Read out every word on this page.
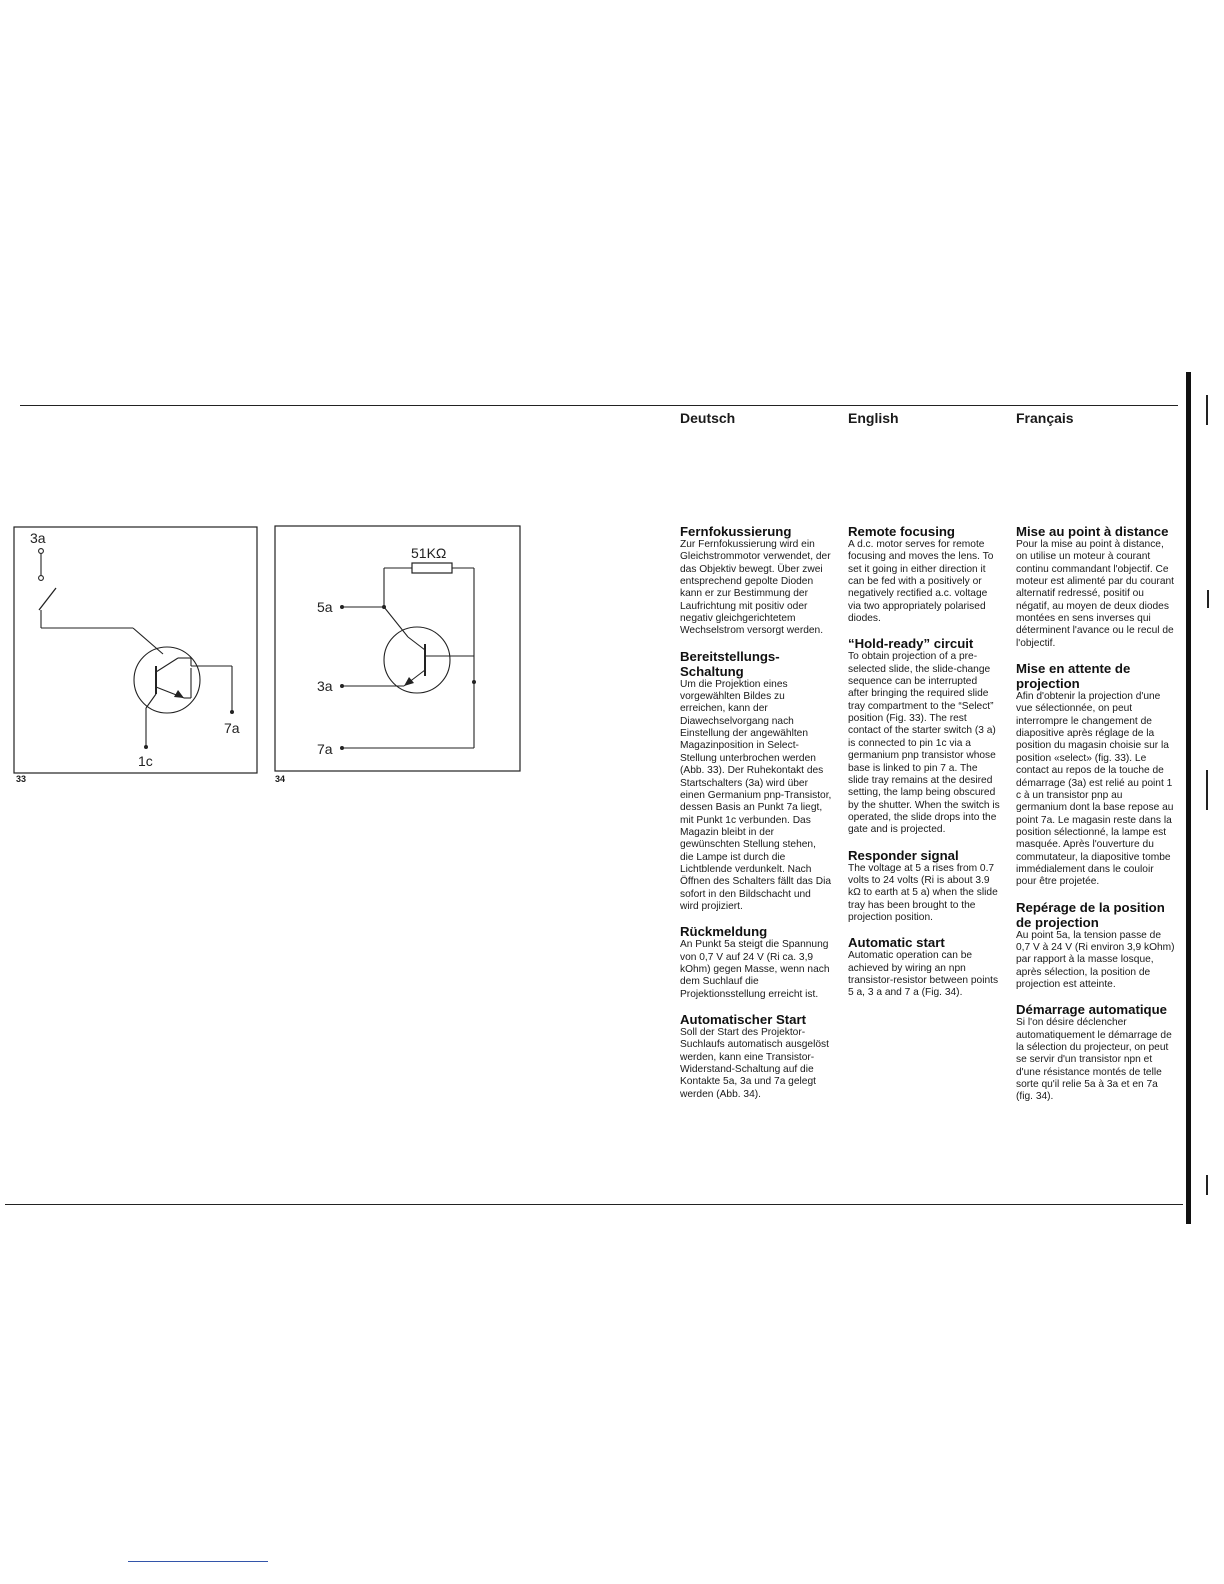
Deutsch	English	Français
3a
7a
1c
33
51KΩ
5a
3a
7a
34
Fernfokussierung

Zur Fernfokussierung wird ein Gleichstrommotor verwendet, der das Objektiv bewegt. Über zwei entsprechend gepolte Dioden kann er zur Bestimmung der Laufrichtung mit positiv oder negativ gleichgerichtetem Wechselstrom versorgt werden.

Bereitstellungs-Schaltung

Um die Projektion eines vorgewählten Bildes zu erreichen, kann der Diawechselvorgang nach Einstellung der angewählten Magazinposition in Select-Stellung unterbrochen werden (Abb. 33). Der Ruhekontakt des Startschalters (3a) wird über einen Germanium pnp-Transistor, dessen Basis an Punkt 7a liegt, mit Punkt 1c verbunden. Das Magazin bleibt in der gewünschten Stellung stehen, die Lampe ist durch die Lichtblende verdunkelt. Nach Öffnen des Schalters fällt das Dia sofort in den Bildschacht und wird projiziert.

Rückmeldung

An Punkt 5a steigt die Spannung von 0,7 V auf 24 V (Ri ca. 3,9 kOhm) gegen Masse, wenn nach dem Suchlauf die Projektionsstellung erreicht ist.

Automatischer Start

Soll der Start des Projektor-Suchlaufs automatisch ausgelöst werden, kann eine Transistor-Widerstand-Schaltung auf die Kontakte 5a, 3a und 7a gelegt werden (Abb. 34).

Remote focusing

A d.c. motor serves for remote focusing and moves the lens. To set it going in either direction it can be fed with a positively or negatively rectified a.c. voltage via two appropriately polarised diodes.

“Hold-ready” circuit

To obtain projection of a pre-selected slide, the slide-change sequence can be interrupted after bringing the required slide tray compartment to the “Select” position (Fig. 33). The rest contact of the starter switch (3 a) is connected to pin 1c via a germanium pnp transistor whose base is linked to pin 7 a. The slide tray remains at the desired setting, the lamp being obscured by the shutter. When the switch is operated, the slide drops into the gate and is projected.

Responder signal

The voltage at 5 a rises from 0.7 volts to 24 volts (Ri is about 3.9 kΩ to earth at 5 a) when the slide tray has been brought to the projection position.

Automatic start

Automatic operation can be achieved by wiring an npn transistor-resistor between points 5 a, 3 a and 7 a (Fig. 34).

Mise au point à distance

Pour la mise au point à distance, on utilise un moteur à courant continu commandant l'objectif. Ce moteur est alimenté par du courant alternatif redressé, positif ou négatif, au moyen de deux diodes montées en sens inverses qui déterminent l'avance ou le recul de l'objectif.

Mise en attente de projection

Afin d'obtenir la projection d'une vue sélectionnée, on peut interrompre le changement de diapositive après réglage de la position du magasin choisie sur la position «select» (fig. 33). Le contact au repos de la touche de démarrage (3a) est relié au point 1 c à un transistor pnp au germanium dont la base repose au point 7a. Le magasin reste dans la position sélectionné, la lampe est masquée. Après l'ouverture du commutateur, la diapositive tombe immédialement dans le couloir pour être projetée.

Repérage de la position de projection

Au point 5a, la tension passe de 0,7 V à 24 V (Ri environ 3,9 kOhm) par rapport à la masse losque, après sélection, la position de projection est atteinte.

Démarrage automatique

Si l'on désire déclencher automatiquement le démarrage de la sélection du projecteur, on peut se servir d'un transistor npn et d'une résistance montés de telle sorte qu'il relie 5a à 3a et en 7a (fig. 34).
